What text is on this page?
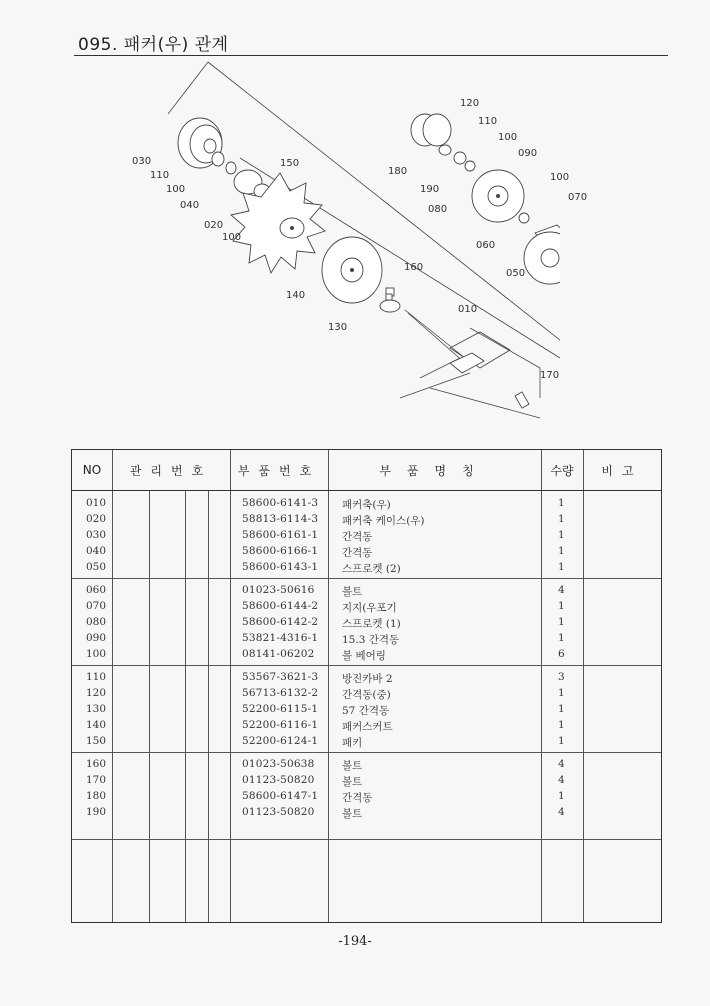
095. 패커(우) 관계
030
110
100
040
020
100
150
140
160
130
010
120
110
100
090
180
190
080
100
070
060
050
170
NO	관리번호	부품번호	부품명칭	수량	비고
010	58600-6141-3 패커축(우)	1
020	58813-6114-3 패커축 케이스(우)	1
030	58600-6161-1 간격동	1
040	58600-6166-1 간격동	1
050	58600-6143-1 스프로켓 (2)	1
060	01023-50616	볼트	4
070	58600-6144-2 지지(우포기	1
080	58600-6142-2 스프로켓 (1)	1
090	53821-4316-1 15.3 간격동	1
100	08141-06202	볼 베어링	6
110	53567-3621-3 방진카바 2	3
120	56713-6132-2 간격동(중)	1
130	52200-6115-1 57 간격동	1
140	52200-6116-1 패커스커트	1
150	52200-6124-1 패키	1
160	01023-50638	볼트	4
170	01123-50820	볼트	4
180	58600-6147-1 간격동	1
190	01123-50820	볼트	4
-194-
